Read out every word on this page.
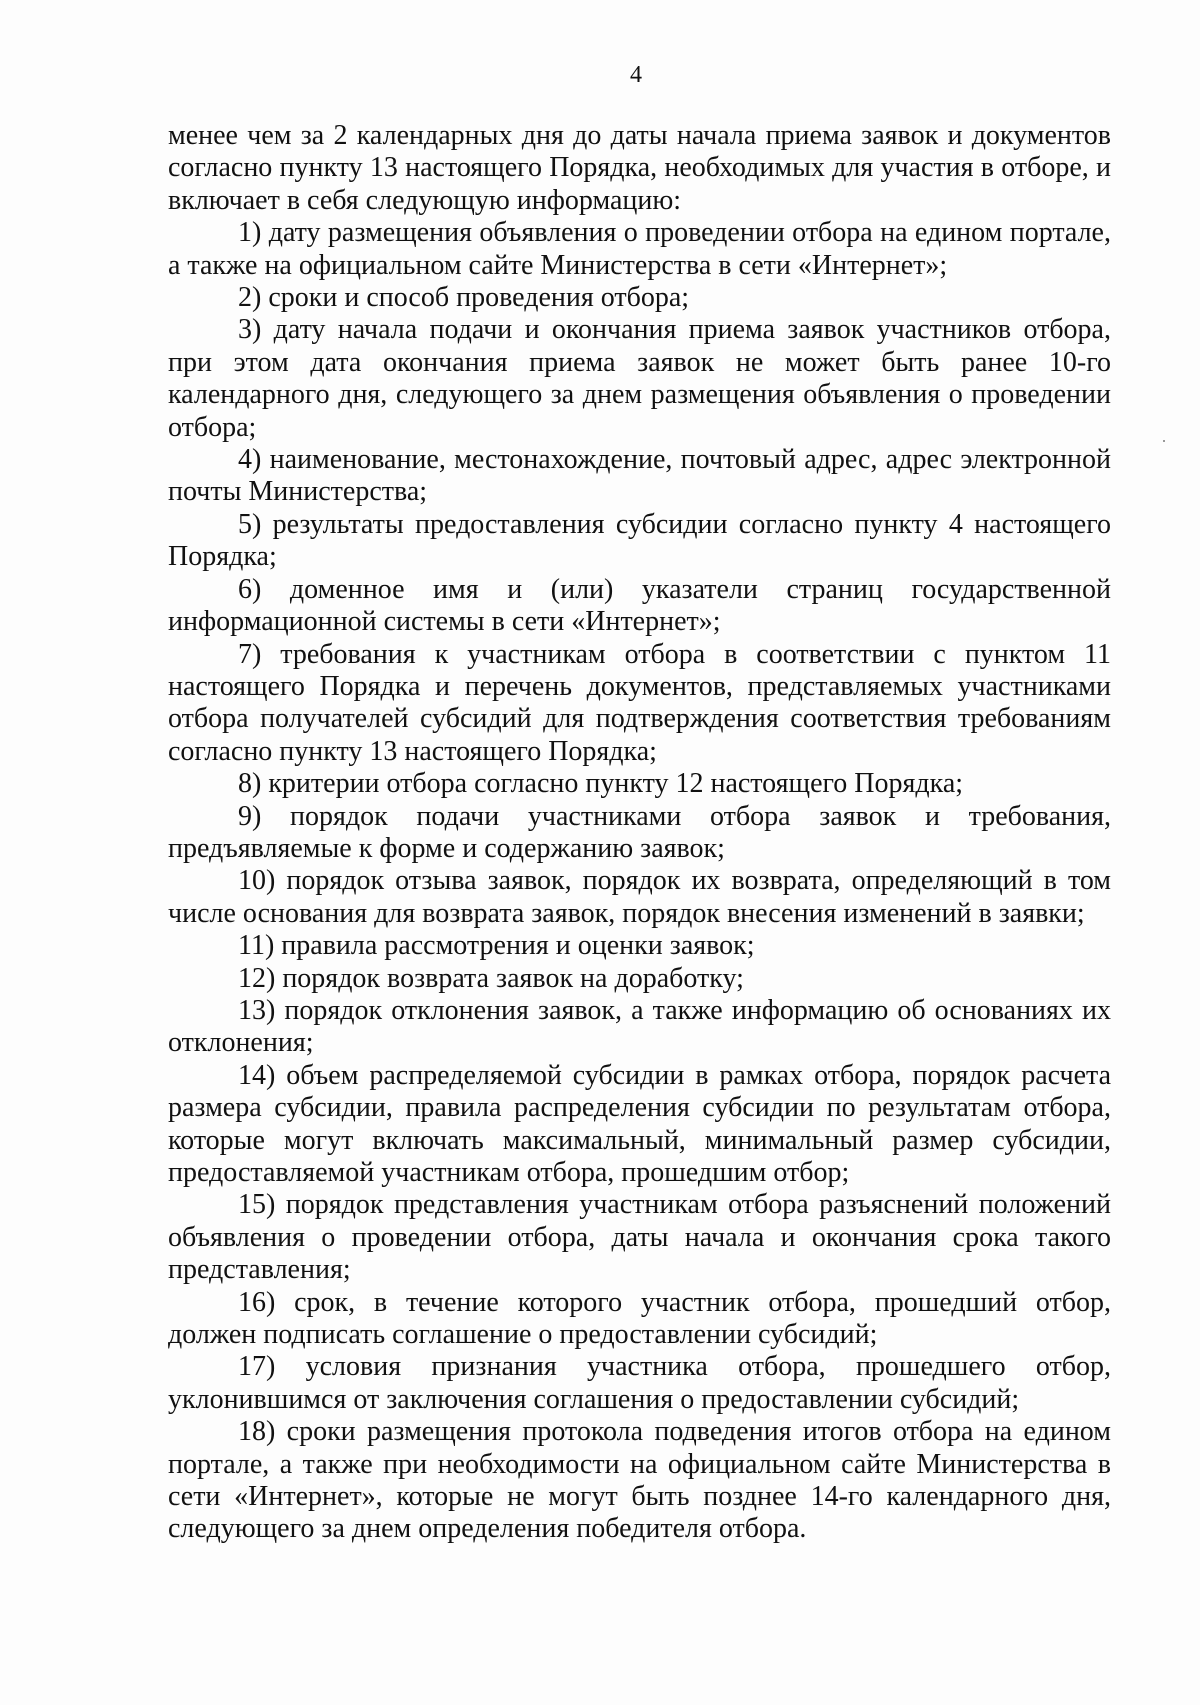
4

менее чем за 2 календарных дня до даты начала приема заявок и документов согласно пункту 13 настоящего Порядка, необходимых для участия в отборе, и включает в себя следующую информацию:

1) дату размещения объявления о проведении отбора на едином портале, а также на официальном сайте Министерства в сети «Интернет»;

2) сроки и способ проведения отбора;

3) дату начала подачи и окончания приема заявок участников отбора, при этом дата окончания приема заявок не может быть ранее 10-го календарного дня, следующего за днем размещения объявления о проведении отбора;

4) наименование, местонахождение, почтовый адрес, адрес электронной почты Министерства;

5) результаты предоставления субсидии согласно пункту 4 настоящего Порядка;

6) доменное имя и (или) указатели страниц государственной информационной системы в сети «Интернет»;

7) требования к участникам отбора в соответствии с пунктом 11 настоящего Порядка и перечень документов, представляемых участниками отбора получателей субсидий для подтверждения соответствия требованиям согласно пункту 13 настоящего Порядка;

8) критерии отбора согласно пункту 12 настоящего Порядка;

9) порядок подачи участниками отбора заявок и требования, предъявляемые к форме и содержанию заявок;

10) порядок отзыва заявок, порядок их возврата, определяющий в том числе основания для возврата заявок, порядок внесения изменений в заявки;

11) правила рассмотрения и оценки заявок;

12) порядок возврата заявок на доработку;

13) порядок отклонения заявок, а также информацию об основаниях их отклонения;

14) объем распределяемой субсидии в рамках отбора, порядок расчета размера субсидии, правила распределения субсидии по результатам отбора, которые могут включать максимальный, минимальный размер субсидии, предоставляемой участникам отбора, прошедшим отбор;

15) порядок представления участникам отбора разъяснений положений объявления о проведении отбора, даты начала и окончания срока такого представления;

16) срок, в течение которого участник отбора, прошедший отбор, должен подписать соглашение о предоставлении субсидий;

17) условия признания участника отбора, прошедшего отбор, уклонившимся от заключения соглашения о предоставлении субсидий;

18) сроки размещения протокола подведения итогов отбора на едином портале, а также при необходимости на официальном сайте Министерства в сети «Интернет», которые не могут быть позднее 14-го календарного дня, следующего за днем определения победителя отбора.
